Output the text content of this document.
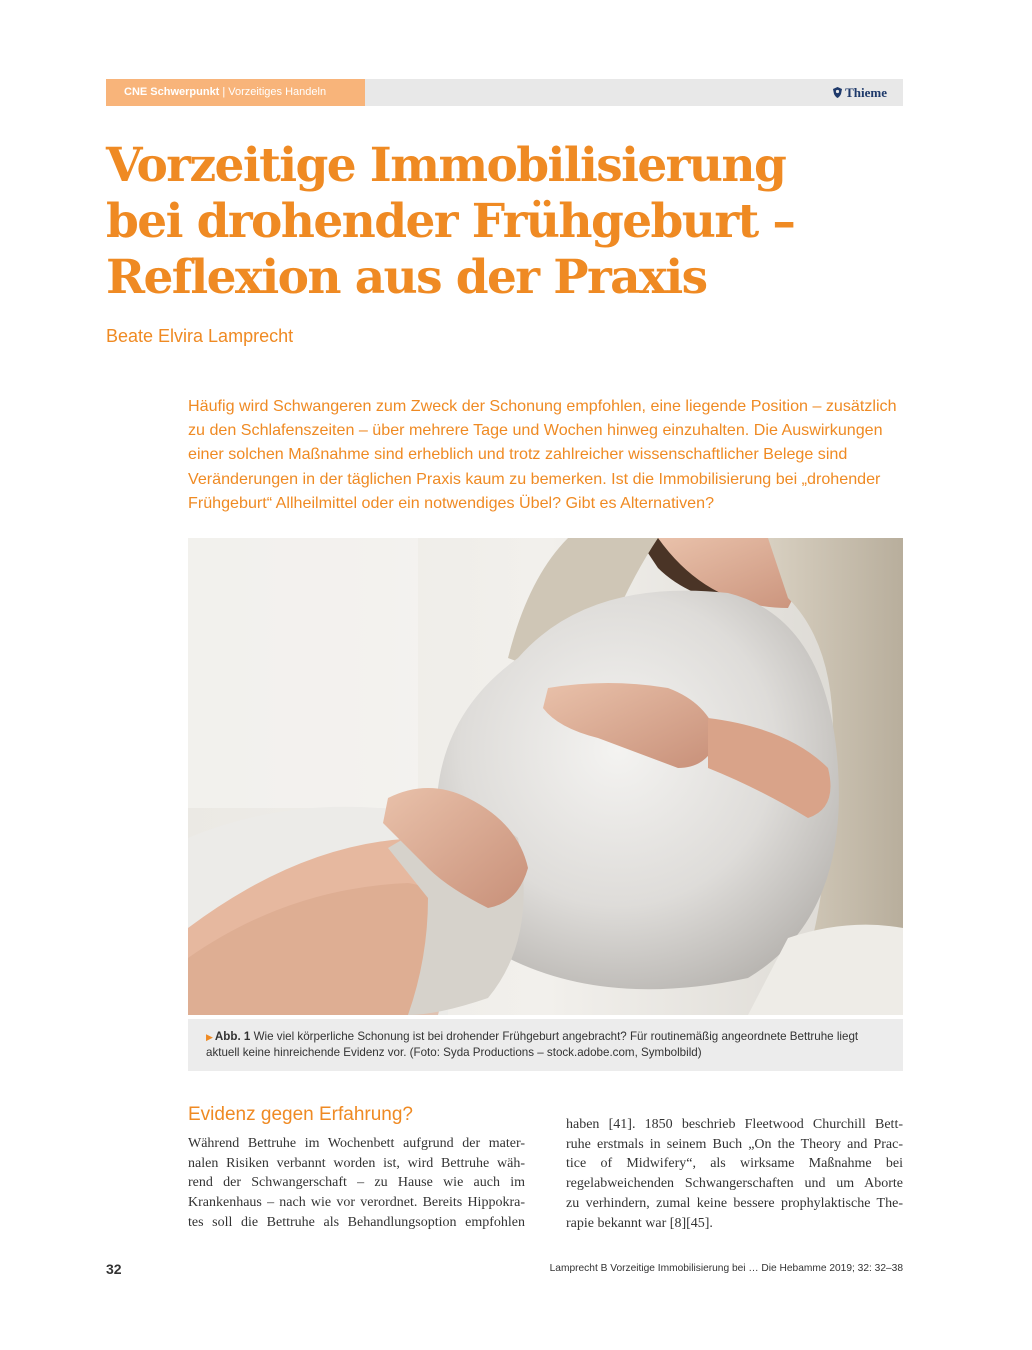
CNE Schwerpunkt | Vorzeitiges Handeln	Thieme
Vorzeitige Immobilisierung
bei drohender Frühgeburt –
Reflexion aus der Praxis
Beate Elvira Lamprecht

Häufig wird Schwangeren zum Zweck der Schonung empfohlen, eine liegende Position – zusätzlich zu den Schlafenszeiten – über mehrere Tage und Wochen hinweg einzuhalten. Die Auswirkungen einer solchen Maßnahme sind erheblich und trotz zahlreicher wissenschaftlicher Belege sind Veränderungen in der täglichen Praxis kaum zu bemerken. Ist die Immobilisierung bei „drohender Frühgeburt“ Allheilmittel oder ein notwendiges Übel? Gibt es Alternativen?

▶ Abb. 1 Wie viel körperliche Schonung ist bei drohender Frühgeburt angebracht? Für routinemäßig angeordnete Bettruhe liegt aktuell keine hinreichende Evidenz vor. (Foto: Syda Productions – stock.adobe.com, Symbolbild)
Evidenz gegen Erfahrung?

Während Bettruhe im Wochenbett aufgrund der mater-
nalen Risiken verbannt worden ist, wird Bettruhe wäh-
rend der Schwangerschaft – zu Hause wie auch im
Krankenhaus – nach wie vor verordnet. Bereits Hippokra-
tes soll die Bettruhe als Behandlungsoption empfohlen

haben [41]. 1850 beschrieb Fleetwood Churchill Bett-
ruhe erstmals in seinem Buch „On the Theory and Prac-
tice of Midwifery“, als wirksame Maßnahme bei
regelabweichenden Schwangerschaften und um Aborte
zu verhindern, zumal keine bessere prophylaktische The-
rapie bekannt war [8][45].

32	Lamprecht B Vorzeitige Immobilisierung bei … Die Hebamme 2019; 32: 32–38
